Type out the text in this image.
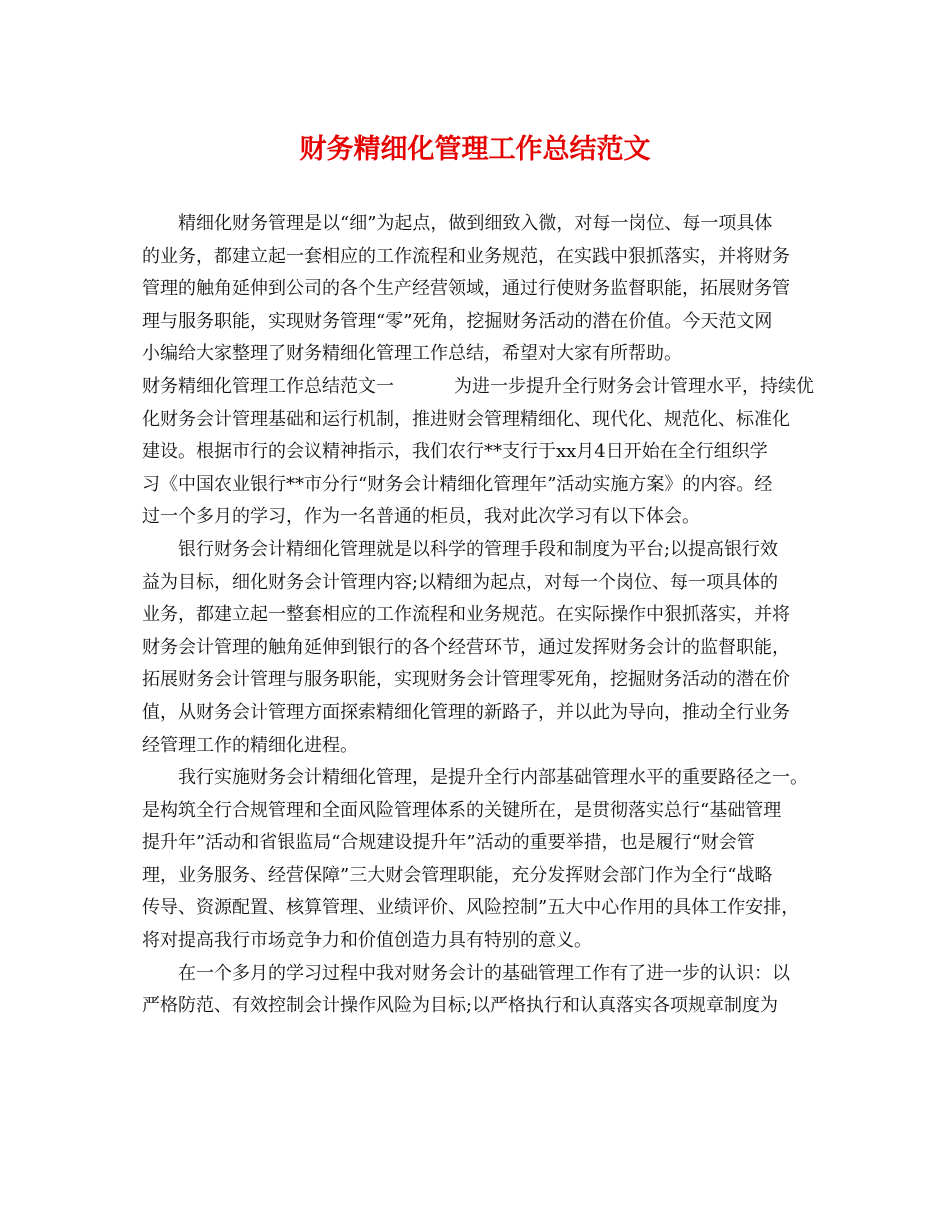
财务精细化管理工作总结范文
精细化财务管理是以“细”为起点，做到细致入微，对每一岗位、每一项具体
的业务，都建立起一套相应的工作流程和业务规范，在实践中狠抓落实，并将财务
管理的触角延伸到公司的各个生产经营领域，通过行使财务监督职能，拓展财务管
理与服务职能，实现财务管理“零”死角，挖掘财务活动的潜在价值。今天范文网
小编给大家整理了财务精细化管理工作总结，希望对大家有所帮助。
财务精细化管理工作总结范文一	为进一步提升全行财务会计管理水平，持续优
化财务会计管理基础和运行机制，推进财会管理精细化、现代化、规范化、标准化
建设。根据市行的会议精神指示，我们农行**支行于xx月4日开始在全行组织学
习《中国农业银行**市分行“财务会计精细化管理年”活动实施方案》的内容。经
过一个多月的学习，作为一名普通的柜员，我对此次学习有以下体会。
银行财务会计精细化管理就是以科学的管理手段和制度为平台;以提高银行效
益为目标，细化财务会计管理内容;以精细为起点，对每一个岗位、每一项具体的
业务，都建立起一整套相应的工作流程和业务规范。在实际操作中狠抓落实，并将
财务会计管理的触角延伸到银行的各个经营环节，通过发挥财务会计的监督职能，
拓展财务会计管理与服务职能，实现财务会计管理零死角，挖掘财务活动的潜在价
值，从财务会计管理方面探索精细化管理的新路子，并以此为导向，推动全行业务
经管理工作的精细化进程。
我行实施财务会计精细化管理，是提升全行内部基础管理水平的重要路径之一。
是构筑全行合规管理和全面风险管理体系的关键所在，是贯彻落实总行“基础管理
提升年”活动和省银监局“合规建设提升年”活动的重要举措，也是履行“财会管
理，业务服务、经营保障”三大财会管理职能，充分发挥财会部门作为全行“战略
传导、资源配置、核算管理、业绩评价、风险控制”五大中心作用的具体工作安排，
将对提高我行市场竞争力和价值创造力具有特别的意义。
在一个多月的学习过程中我对财务会计的基础管理工作有了进一步的认识：以
严格防范、有效控制会计操作风险为目标;以严格执行和认真落实各项规章制度为
